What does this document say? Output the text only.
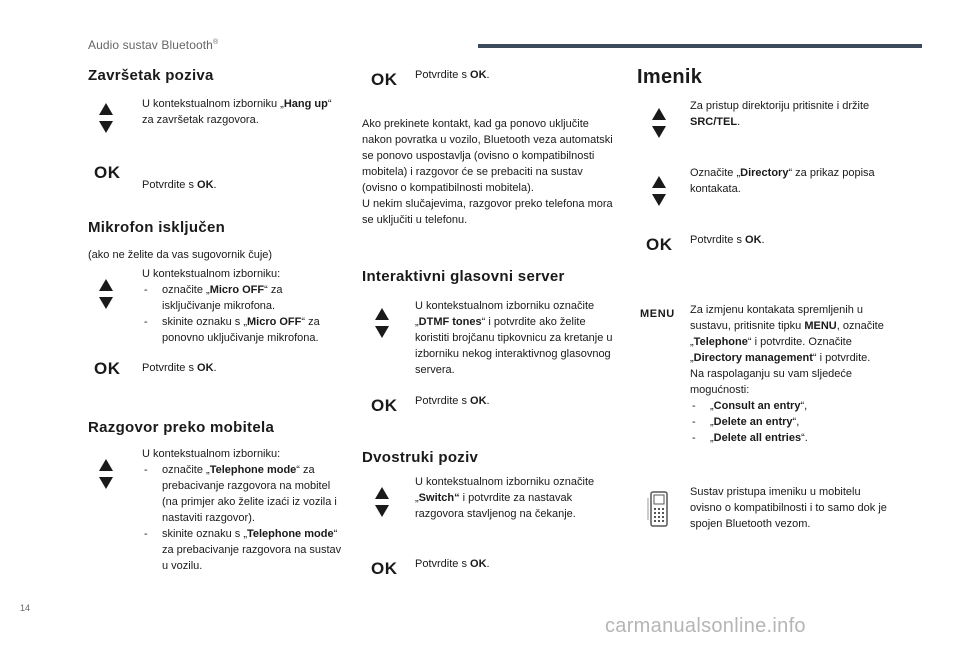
Audio sustav Bluetooth®
Završetak poziva
U kontekstualnom izborniku „Hang up“ za završetak razgovora.
OK
Potvrdite s OK.
Mikrofon isključen
(ako ne želite da vas sugovornik čuje)
U kontekstualnom izborniku:
- označite „Micro OFF“ za isključivanje mikrofona.
- skinite oznaku s „Micro OFF“ za ponovno uključivanje mikrofona.
OK Potvrdite s OK.
Razgovor preko mobitela
U kontekstualnom izborniku:
- označite „Telephone mode“ za prebacivanje razgovora na mobitel (na primjer ako želite izaći iz vozila i nastaviti razgovor).
- skinite oznaku s „Telephone mode“ za prebacivanje razgovora na sustav u vozilu.
OK Potvrdite s OK.
Ako prekinete kontakt, kad ga ponovo uključite nakon povratka u vozilo, Bluetooth veza automatski se ponovo uspostavlja (ovisno o kompatibilnosti mobitela) i razgovor će se prebaciti na sustav (ovisno o kompatibilnosti mobitela).
U nekim slučajevima, razgovor preko telefona mora se uključiti u telefonu.
Interaktivni glasovni server
U kontekstualnom izborniku označite „DTMF tones“ i potvrdite ako želite koristiti brojčanu tipkovnicu za kretanje u izborniku nekog interaktivnog glasovnog servera.
OK Potvrdite s OK.
Dvostruki poziv
U kontekstualnom izborniku označite „Switch“ i potvrdite za nastavak razgovora stavljenog na čekanje.
OK Potvrdite s OK.
Imenik
Za pristup direktoriju pritisnite i držite SRC/TEL.
Označite „Directory“ za prikaz popisa kontakata.
OK Potvrdite s OK.
MENU Za izmjenu kontakata spremljenih u sustavu, pritisnite tipku MENU, označite „Telephone“ i potvrdite. Označite „Directory management“ i potvrdite.
Na raspolaganju su vam sljedeće mogućnosti:
- „Consult an entry“,
- „Delete an entry“,
- „Delete all entries“.
Sustav pristupa imeniku u mobitelu ovisno o kompatibilnosti i to samo dok je spojen Bluetooth vezom.
14
carmanualsonline.info
